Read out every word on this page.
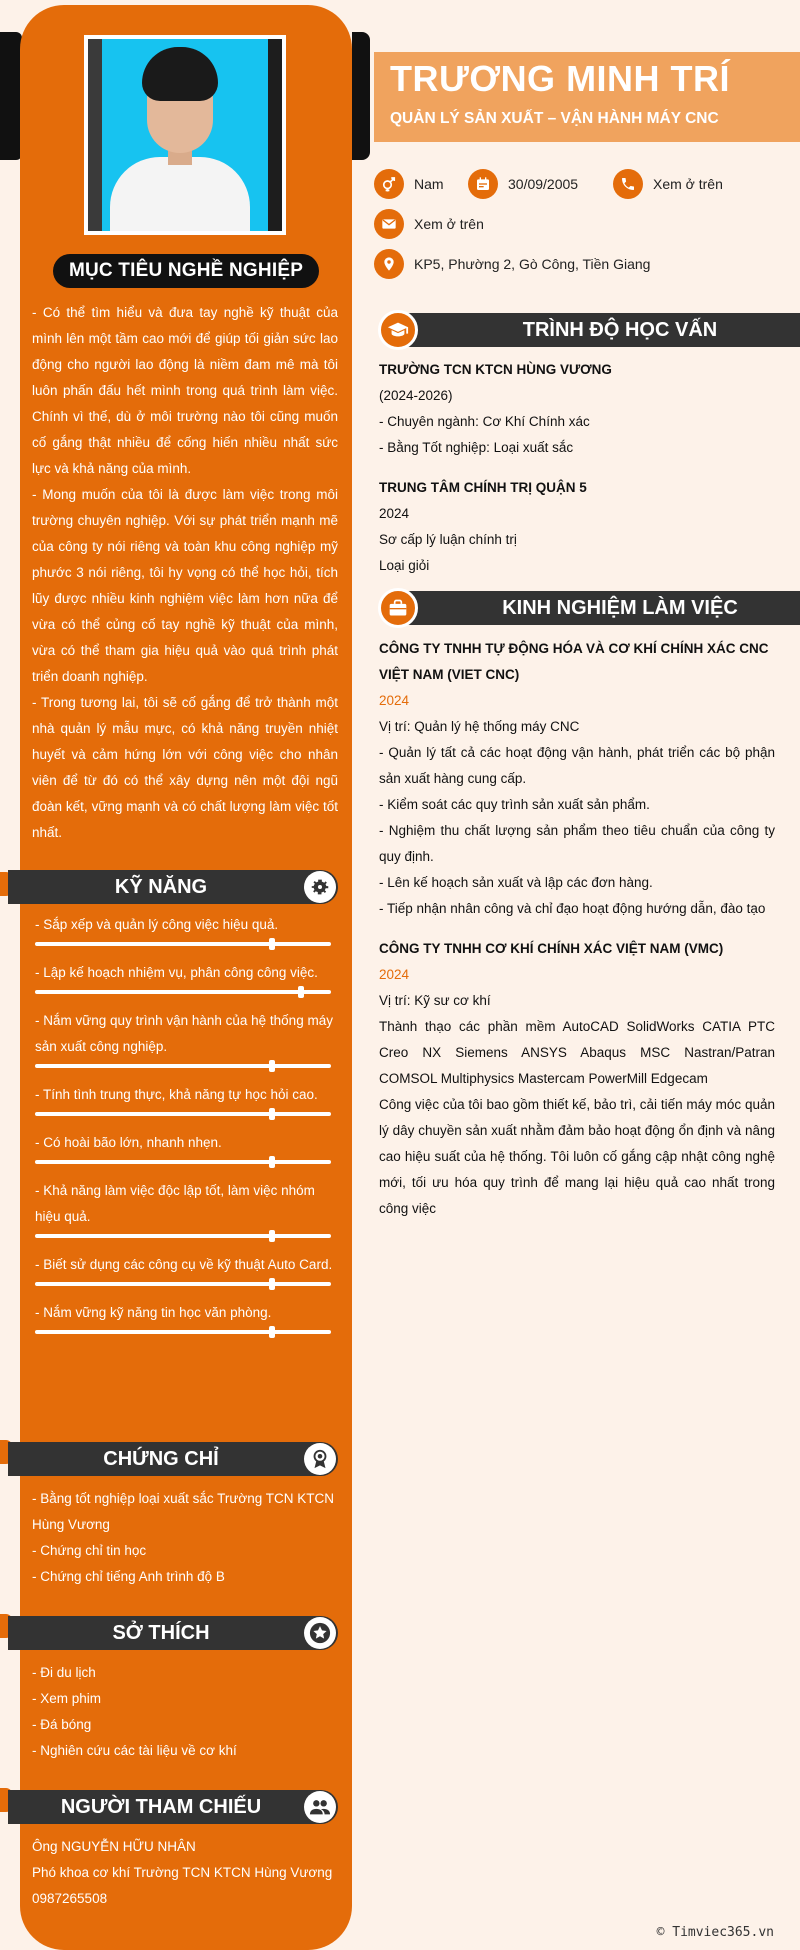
MỤC TIÊU NGHỀ NGHIỆP

- Có thể tìm hiểu và đưa tay nghề kỹ thuật của mình lên một tầm cao mới để giúp tối giản sức lao động cho người lao động là niềm đam mê mà tôi luôn phấn đấu hết mình trong quá trình làm việc. Chính vì thế, dù ở môi trường nào tôi cũng muốn cố gắng thật nhiều để cống hiến nhiều nhất sức lực và khả năng của mình.

- Mong muốn của tôi là được làm việc trong môi trường chuyên nghiệp. Với sự phát triển mạnh mẽ của công ty nói riêng và toàn khu công nghiệp mỹ phước 3 nói riêng, tôi hy vọng có thể học hỏi, tích lũy được nhiều kinh nghiệm việc làm hơn nữa để vừa có thể củng cố tay nghề kỹ thuật của mình, vừa có thể tham gia hiệu quả vào quá trình phát triển doanh nghiệp.

- Trong tương lai, tôi sẽ cố gắng để trở thành một nhà quản lý mẫu mực, có khả năng truyền nhiệt huyết và cảm hứng lớn với công việc cho nhân viên để từ đó có thể xây dựng nên một đội ngũ đoàn kết, vững mạnh và có chất lượng làm việc tốt nhất.

KỸ NĂNG
- Sắp xếp và quản lý công việc hiệu quả.
- Lập kế hoạch nhiệm vụ, phân công công việc.
- Nắm vững quy trình vận hành của hệ thống máy sản xuất công nghiệp.
- Tính tình trung thực, khả năng tự học hỏi cao.
- Có hoài bão lớn, nhanh nhẹn.
- Khả năng làm việc độc lập tốt, làm việc nhóm hiệu quả.
- Biết sử dụng các công cụ về kỹ thuật Auto Card.
- Nắm vững kỹ năng tin học văn phòng.
CHỨNG CHỈ
- Bằng tốt nghiệp loại xuất sắc Trường TCN KTCN Hùng Vương
- Chứng chỉ tin học
- Chứng chỉ tiếng Anh trình độ B
SỞ THÍCH
- Đi du lịch
- Xem phim
- Đá bóng
- Nghiên cứu các tài liệu về cơ khí
NGƯỜI THAM CHIẾU
Ông NGUYỄN HỮU NHÂN
Phó khoa cơ khí Trường TCN KTCN Hùng Vương
0987265508
TRƯƠNG MINH TRÍ
QUẢN LÝ SẢN XUẤT – VẬN HÀNH MÁY CNC
Nam	30/09/2005	Xem ở trên
Xem ở trên
KP5, Phường 2, Gò Công, Tiền Giang
TRÌNH ĐỘ HỌC VẤN
TRƯỜNG TCN KTCN HÙNG VƯƠNG
(2024-2026)
- Chuyên ngành: Cơ Khí Chính xác
- Bằng Tốt nghiệp: Loại xuất sắc
TRUNG TÂM CHÍNH TRỊ QUẬN 5
2024
Sơ cấp lý luận chính trị
Loại giỏi
KINH NGHIỆM LÀM VIỆC
CÔNG TY TNHH TỰ ĐỘNG HÓA VÀ CƠ KHÍ CHÍNH XÁC CNC VIỆT NAM (VIET CNC)
2024
Vị trí: Quản lý hệ thống máy CNC
- Quản lý tất cả các hoạt động vận hành, phát triển các bộ phận sản xuất hàng cung cấp.
- Kiểm soát các quy trình sản xuất sản phẩm.
- Nghiệm thu chất lượng sản phẩm theo tiêu chuẩn của công ty quy định.
- Lên kế hoạch sản xuất và lập các đơn hàng.
- Tiếp nhận nhân công và chỉ đạo hoạt động hướng dẫn, đào tạo
CÔNG TY TNHH CƠ KHÍ CHÍNH XÁC VIỆT NAM (VMC)
2024
Vị trí: Kỹ sư cơ khí
Thành thạo các phần mềm AutoCAD SolidWorks CATIA PTC Creo NX Siemens ANSYS Abaqus MSC Nastran/Patran COMSOL Multiphysics Mastercam PowerMill Edgecam
Công việc của tôi bao gồm thiết kế, bảo trì, cải tiến máy móc quản lý dây chuyền sản xuất nhằm đảm bảo hoạt động ổn định và nâng cao hiệu suất của hệ thống. Tôi luôn cố gắng cập nhật công nghệ mới, tối ưu hóa quy trình để mang lại hiệu quả cao nhất trong công việc
© Timviec365.vn
